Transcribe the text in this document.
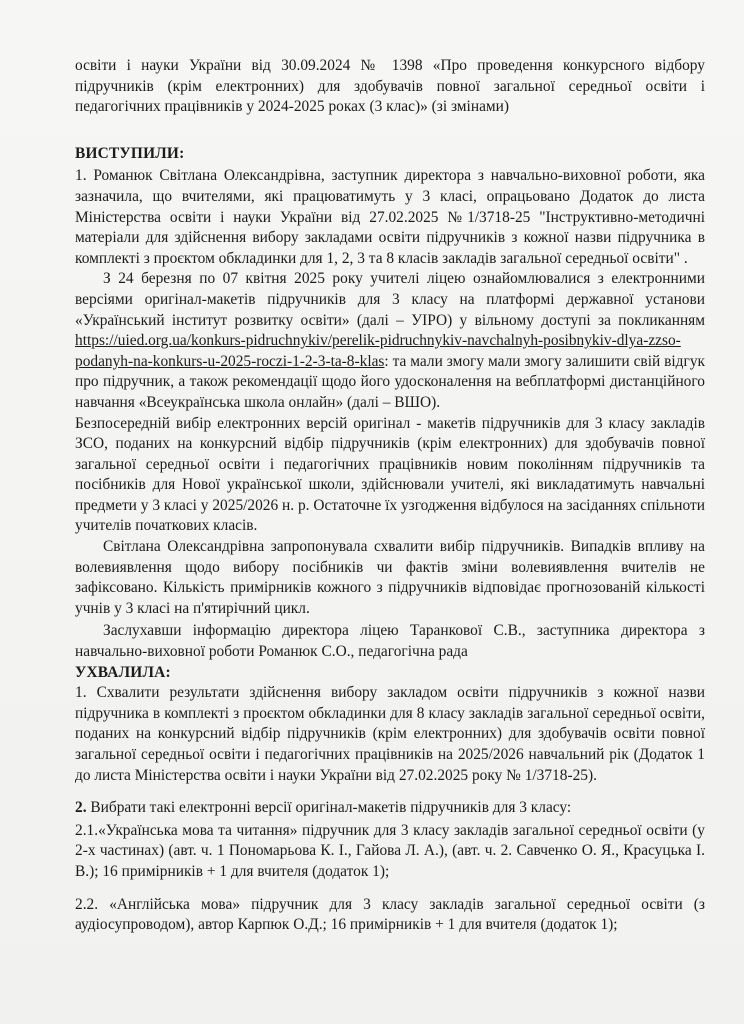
освіти і науки України від 30.09.2024 № 1398 «Про проведення конкурсного відбору підручників (крім електронних) для здобувачів повної загальної середньої освіти і педагогічних працівників у 2024-2025 роках (3 клас)» (зі змінами)

ВИСТУПИЛИ:

1. Романюк Світлана Олександрівна, заступник директора з навчально-виховної роботи, яка зазначила, що вчителями, які працюватимуть у 3 класі, опрацьовано Додаток до листа Міністерства освіти і науки України від 27.02.2025 №1/3718-25 "Інструктивно-методичні матеріали для здійснення вибору закладами освіти підручників з кожної назви підручника в комплекті з проєктом обкладинки для 1, 2, 3 та 8 класів закладів загальної середньої освіти" .

З 24 березня по 07 квітня 2025 року учителі ліцею ознайомлювалися з електронними версіями оригінал-макетів підручників для 3 класу на платформі державної установи «Український інститут розвитку освіти» (далі – УІРО) у вільному доступі за покликанням https://uied.org.ua/konkurs-pidruchnykiv/perelik-pidruchnykiv-navchalnyh-posibnykiv-dlya-zzso-podanyh-na-konkurs-u-2025-roczi-1-2-3-ta-8-klas: та мали змогу мали змогу залишити свій відгук про підручник, а також рекомендації щодо його удосконалення на вебплатформі дистанційного навчання «Всеукраїнська школа онлайн» (далі – ВШО).

Безпосередній вибір електронних версій оригінал - макетів підручників для 3 класу закладів ЗСО, поданих на конкурсний відбір підручників (крім електронних) для здобувачів повної загальної середньої освіти і педагогічних працівників новим поколінням підручників та посібників для Нової української школи, здійснювали учителі, які викладатимуть навчальні предмети у 3 класі у 2025/2026 н. р. Остаточне їх узгодження відбулося на засіданнях спільноти учителів початкових класів.

Світлана Олександрівна запропонувала схвалити вибір підручників. Випадків впливу на волевиявлення щодо вибору посібників чи фактів зміни волевиявлення вчителів не зафіксовано. Кількість примірників кожного з підручників відповідає прогнозованій кількості учнів у 3 класі на п'ятирічний цикл.

Заслухавши інформацію директора ліцею Таранкової С.В., заступника директора з навчально-виховної роботи Романюк С.О., педагогічна рада

УХВАЛИЛА:

1. Схвалити результати здійснення вибору закладом освіти підручників з кожної назви підручника в комплекті з проєктом обкладинки для 8 класу закладів загальної середньої освіти, поданих на конкурсний відбір підручників (крім електронних) для здобувачів освіти повної загальної середньої освіти і педагогічних працівників на 2025/2026 навчальний рік (Додаток 1 до листа Міністерства освіти і науки України від 27.02.2025 року № 1/3718-25).

2. Вибрати такі електронні версії оригінал-макетів підручників для 3 класу:

2.1.«Українська мова та читання» підручник для 3 класу закладів загальної середньої освіти (у 2-х частинах) (авт. ч. 1 Пономарьова К. І., Гайова Л. А.), (авт. ч. 2. Савченко О. Я., Красуцька І. В.); 16 примірників + 1 для вчителя (додаток 1);

2.2. «Англійська мова» підручник для 3 класу закладів загальної середньої освіти (з аудіосупроводом), автор Карпюк О.Д.; 16 примірників + 1 для вчителя (додаток 1);
